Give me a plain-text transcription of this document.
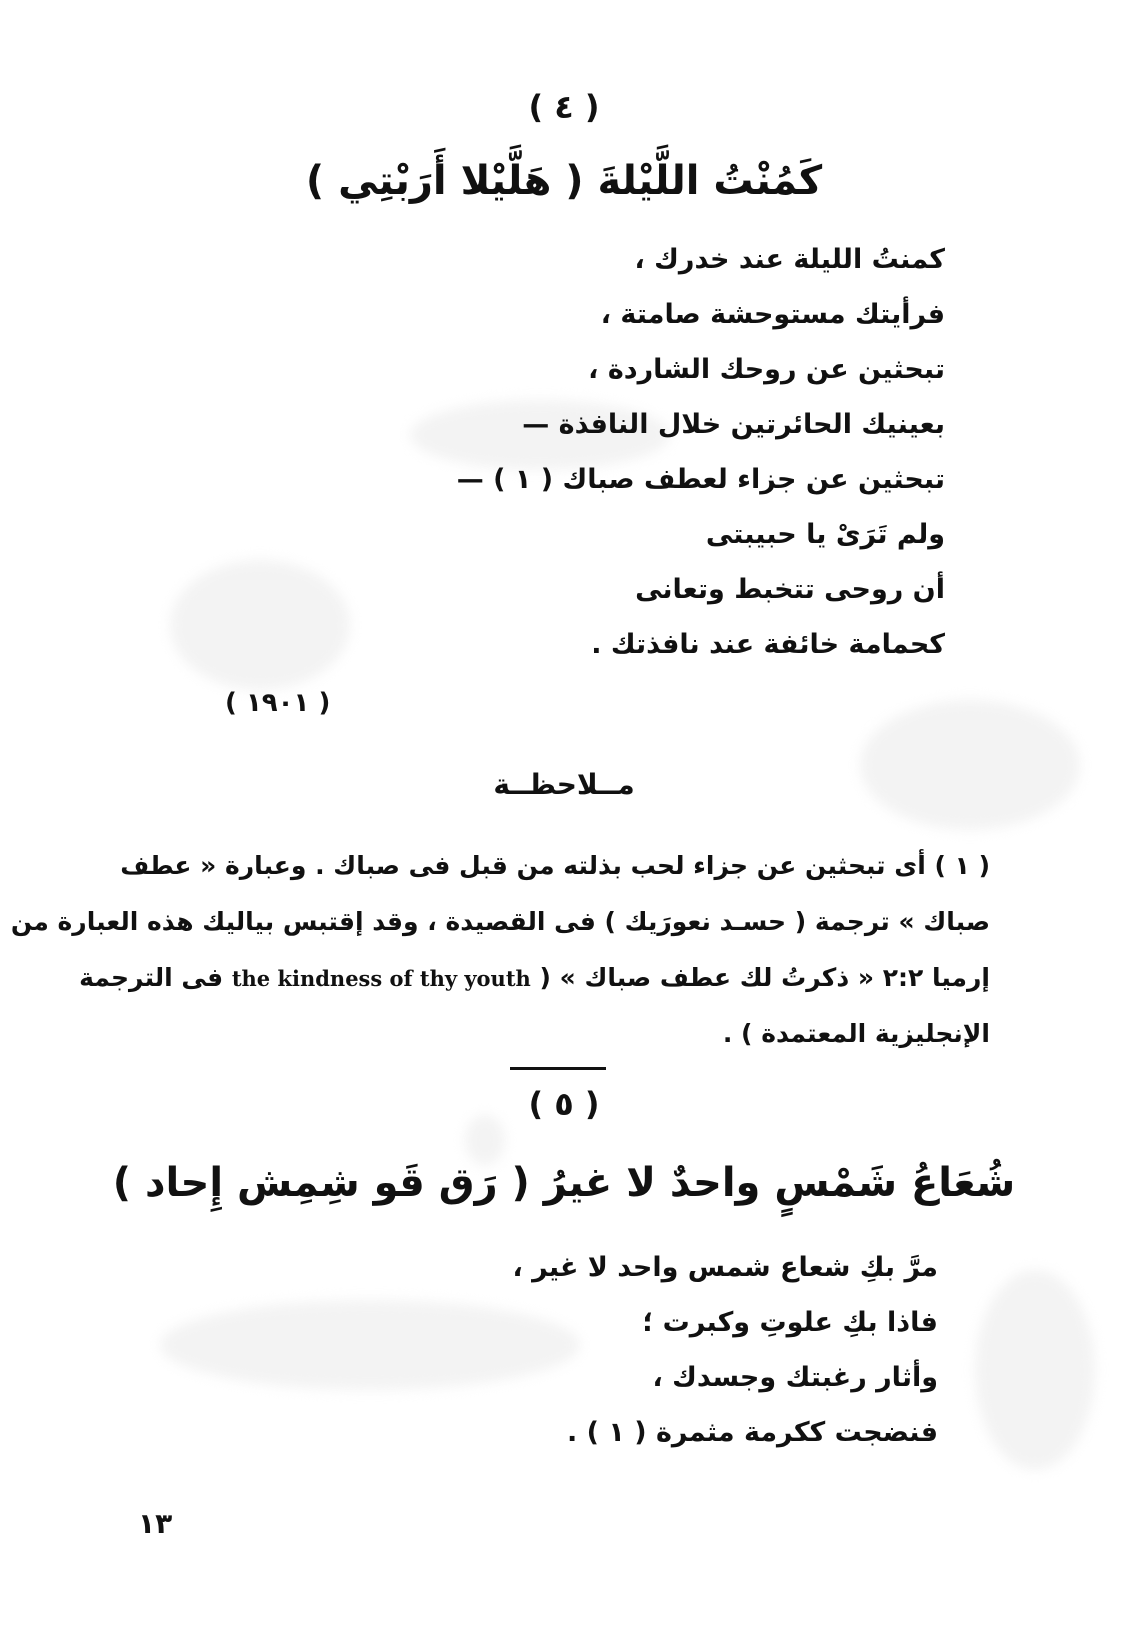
( ٤ )
كَمُنْتُ اللَّيْلةَ ( هَلَّيْلا أَرَبْتِي )
كمنتُ الليلة عند خدرك ،
فرأيتك مستوحشة صامتة ،
تبحثين عن روحك الشاردة ،
بعينيك الحائرتين خلال النافذة —
تبحثين عن جزاء لعطف صباك ( ١ ) —
ولم تَرَىْ يا حبيبتى
أن روحى تتخبط وتعانى
كحمامة خائفة عند نافذتك .
( ١٩٠١ )
مــلاحظــة
( ١ ) أى تبحثين عن جزاء لحب بذلته من قبل فى صباك . وعبارة « عطف
صباك » ترجمة ( حسـد نعورَيك ) فى القصيدة ، وقد إقتبس بياليك هذه العبارة من
إرميا ٢:٢ « ذكرتُ لك عطف صباك » ( the kindness of thy youth فى الترجمة
الإنجليزية المعتمدة ) .
( ٥ )
شُعَاعُ شَمْسٍ واحدٌ لا غيرُ ( رَق قَو شِمِش إِحاد )
مرَّ بكِ شعاع شمس واحد لا غير ،
فاذا بكِ علوتِ وكبرت ؛
وأثار رغبتك وجسدك ،
فنضجت ككرمة مثمرة ( ١ ) .
١٣
